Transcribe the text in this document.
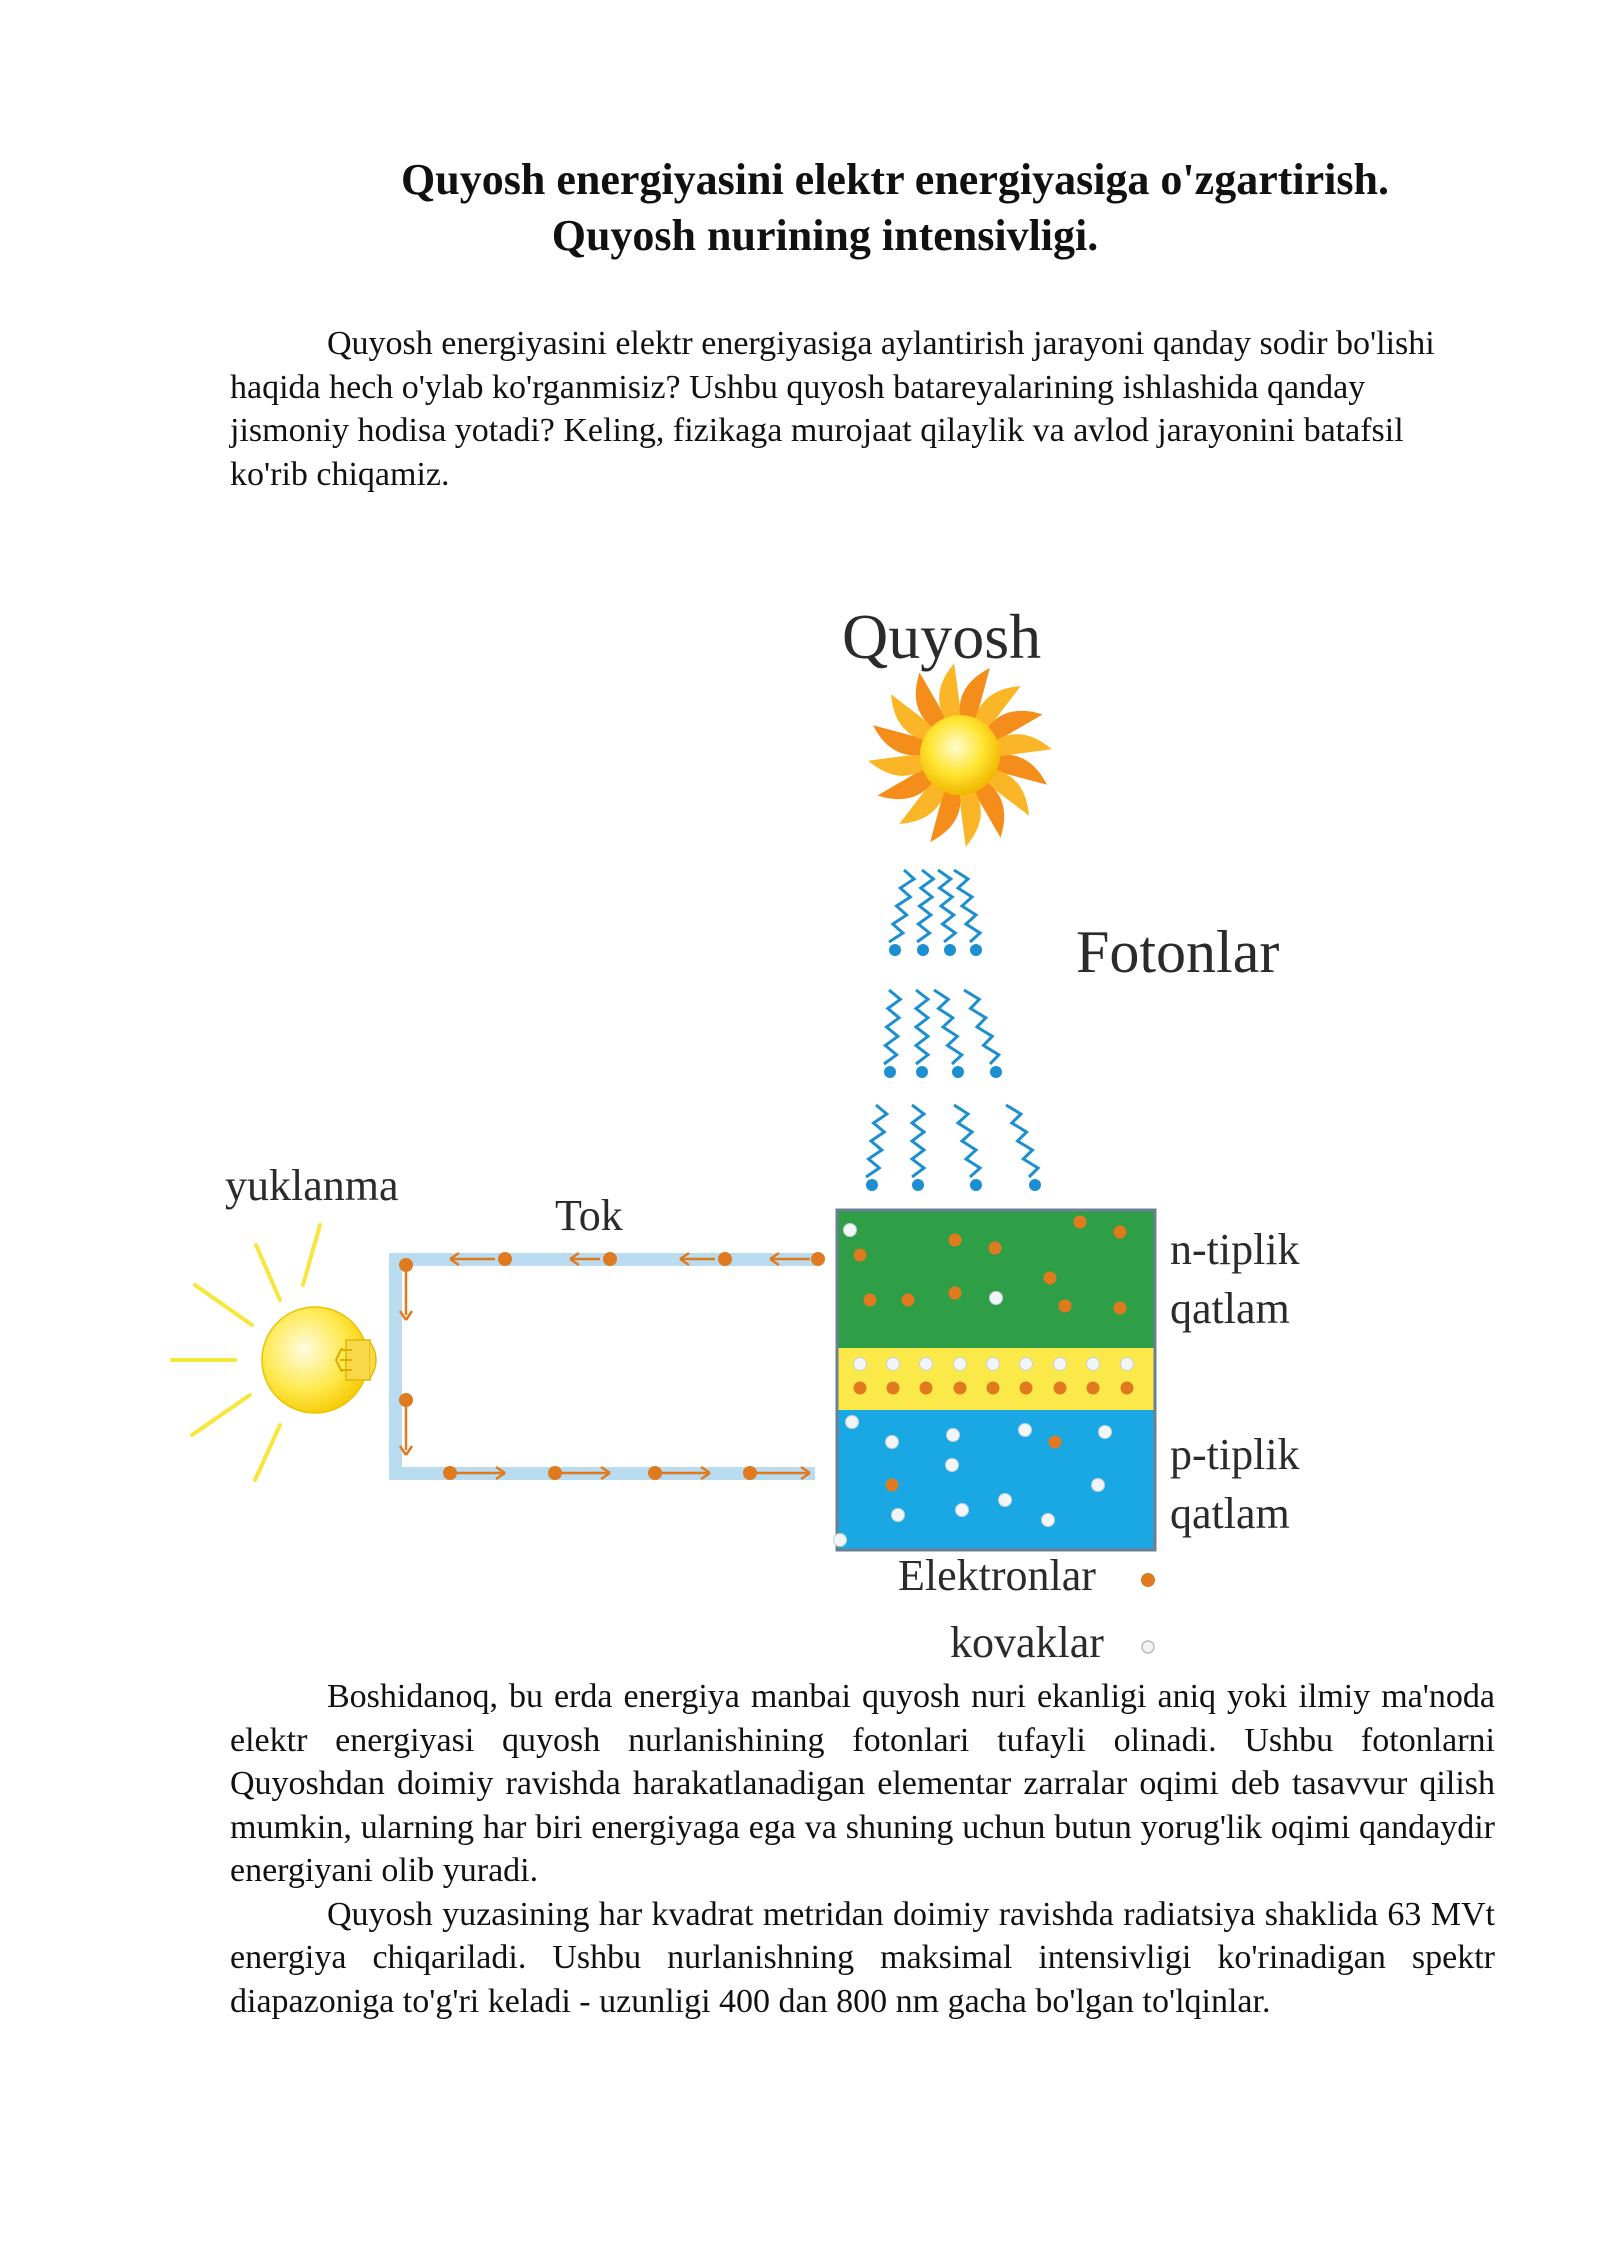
Quyosh energiyasini elektr energiyasiga o'zgartirish.
Quyosh nurining intensivligi.

Quyosh energiyasini elektr energiyasiga aylantirish jarayoni qanday sodir bo'lishi haqida hech o'ylab ko'rganmisiz? Ushbu quyosh batareyalarining ishlashida qanday jismoniy hodisa yotadi? Keling, fizikaga murojaat qilaylik va avlod jarayonini batafsil ko'rib chiqamiz.

Quyosh
Fotonlar
Tok
yuklanma
n-tiplik
qatlam
p-tiplik
qatlam
Elektronlar
kovaklar

Boshidanoq, bu erda energiya manbai quyosh nuri ekanligi aniq yoki ilmiy ma'noda elektr energiyasi quyosh nurlanishining fotonlari tufayli olinadi. Ushbu fotonlarni Quyoshdan doimiy ravishda harakatlanadigan elementar zarralar oqimi deb tasavvur qilish mumkin, ularning har biri energiyaga ega va shuning uchun butun yorug'lik oqimi qandaydir energiyani olib yuradi.

Quyosh yuzasining har kvadrat metridan doimiy ravishda radiatsiya shaklida 63 MVt energiya chiqariladi. Ushbu nurlanishning maksimal intensivligi ko'rinadigan spektr diapazoniga to'g'ri keladi - uzunligi 400 dan 800 nm gacha bo'lgan to'lqinlar.
